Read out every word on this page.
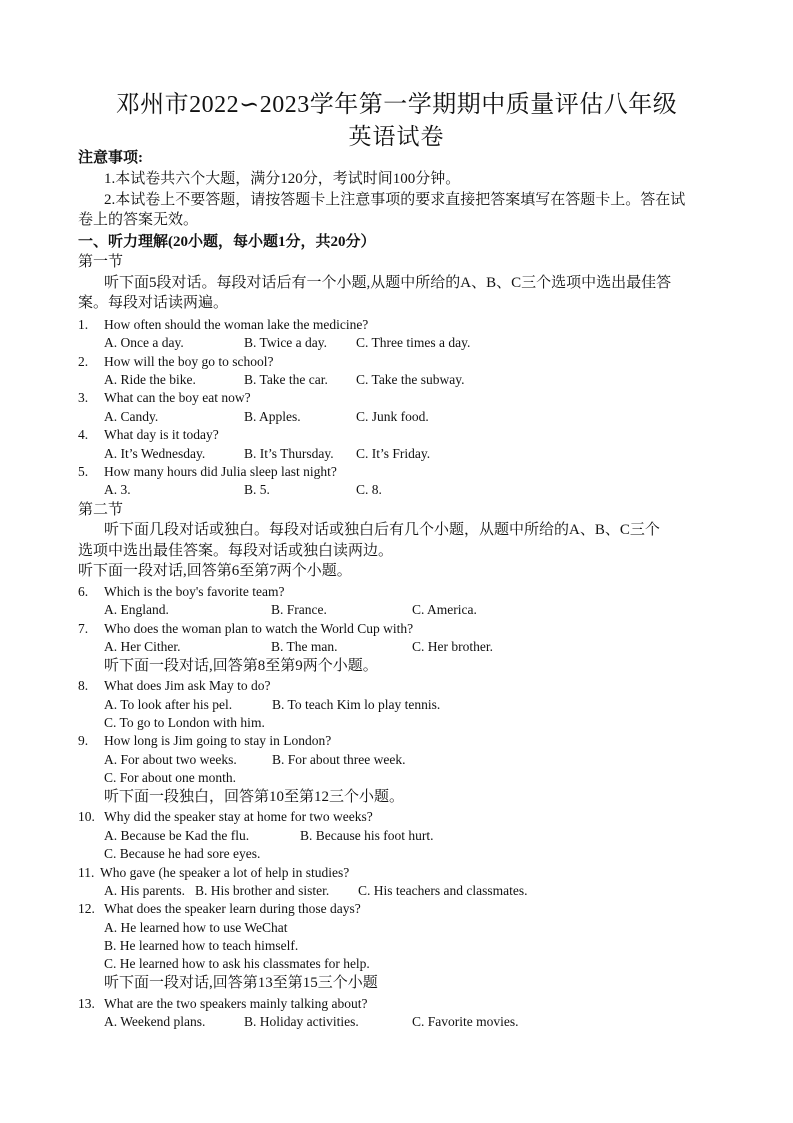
邓州市2022∽2023学年第一学期期中质量评估八年级
英语试卷
注意事项:
1.本试卷共六个大题，满分120分，考试时间100分钟。
2.本试卷上不要答题，请按答题卡上注意事项的要求直接把答案填写在答题卡上。答在试
卷上的答案无效。
一、听力理解(20小题，每小题1分，共20分）
第一节
听下面5段对话。每段对话后有一个小题,从题中所给的A、B、C三个选项中选出最佳答
案。每段对话读两遍。
1. How often should the woman lake the medicine?
A. Once a day.	B. Twice a day. C. Three times a day.
2. How will the boy go to school?
A. Ride the bike.	B. Take the car. C. Take the subway.
3. What can the boy eat now?
A. Candy.	B. Apples.	C. Junk food.
4. What day is it today?
A. It’s Wednesday.	B. It’s Thursday. C. It’s Friday.
5. How many hours did Julia sleep last night?
A. 3.	B. 5.	C. 8.
第二节
听下面几段对话或独白。每段对话或独白后有几个小题，从题中所给的A、B、C三个
选项中选出最佳答案。每段对话或独白读两边。
听下面一段对话,回答第6至第7两个小题。
6. Which is the boy's favorite team?
A. England.	B. France.	C. America.
7. Who does the woman plan to watch the World Cup with?
A. Her Cither.	B. The man.	C. Her brother.
听下面一段对话,回答第8至第9两个小题。
8. What does Jim ask May to do?
A. To look after his pel.	B. To teach Kim lo play tennis.
C. To go to London with him.
9. How long is Jim going to stay in London?
A. For about two weeks.	B. For about three week.
C. For about one month.
听下面一段独白，回答第10至第12三个小题。
10. Why did the speaker stay at home for two weeks?
A. Because be Kad the flu.	B. Because his foot hurt.
C. Because he had sore eyes.
11. Who gave (he speaker a lot of help in studies?
A. His parents. B. His brother and sister. C. His teachers and classmates.
12. What does the speaker learn during those days?
A. He learned how to use WeChat
B. He learned how to teach himself.
C. He learned how to ask his classmates for help.
听下面一段对话,回答第13至第15三个小题
13. What are the two speakers mainly talking about?
A. Weekend plans.	B. Holiday activities.	C. Favorite movies.
